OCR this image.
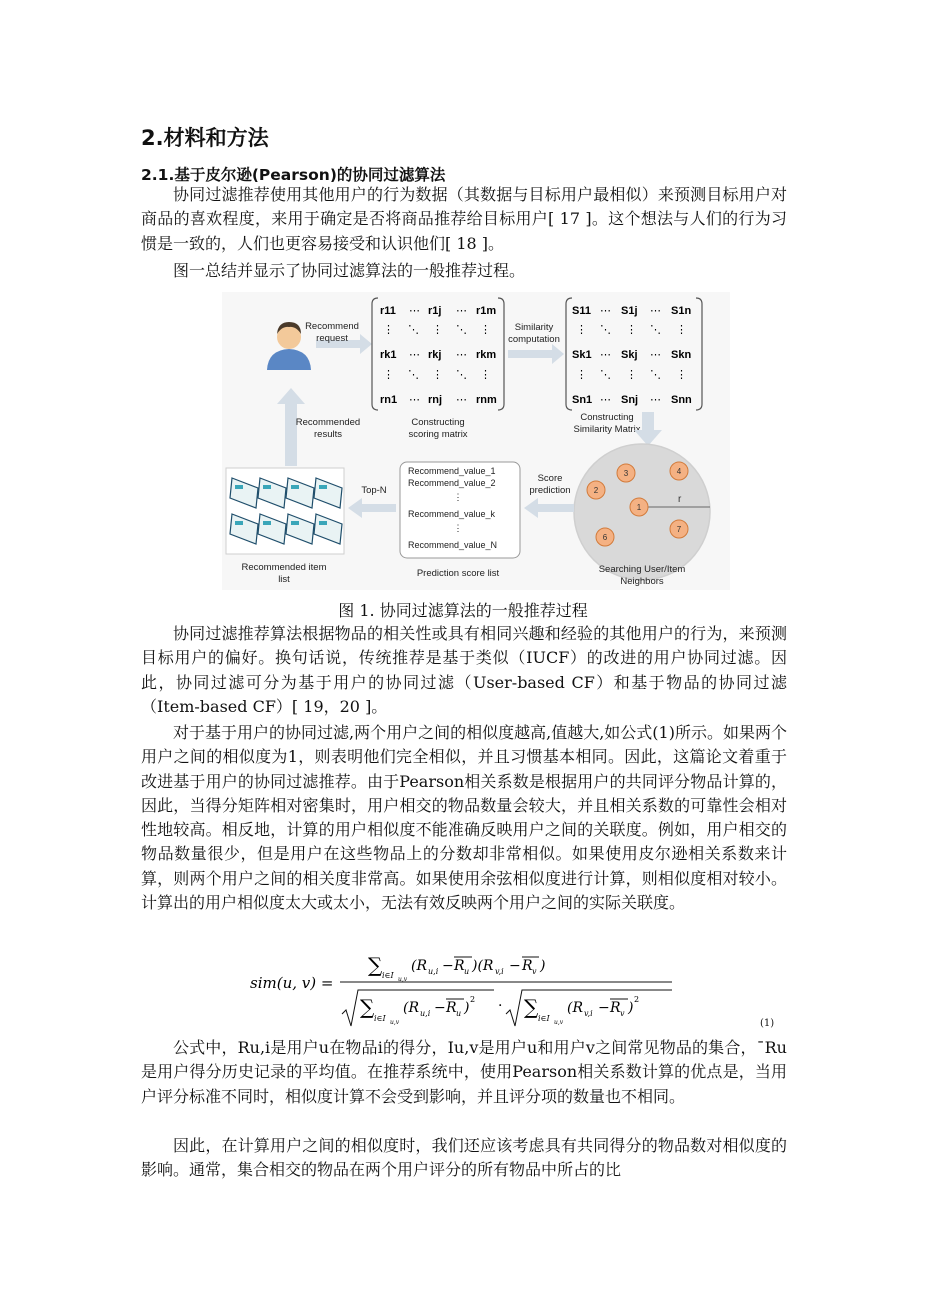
2.材料和方法
2.1.基于皮尔逊(Pearson)的协同过滤算法

协同过滤推荐使用其他用户的行为数据（其数据与目标用户最相似）来预测目标用户对商品的喜欢程度，来用于确定是否将商品推荐给目标用户[ 17 ]。这个想法与人们的行为习惯是一致的，人们也更容易接受和认识他们[ 18 ]。

图一总结并显示了协同过滤算法的一般推荐过程。

Recommend
request
r11 ⋯ r1j ⋯ r1m
⋮ ⋱ ⋮ ⋱ ⋮
rk1 ⋯ rkj ⋯ rkm
⋮ ⋱ ⋮ ⋱ ⋮
rn1 ⋯ rnj ⋯ rnm
Constructing
scoring matrix
Similarity
computation
S11 ⋯ S1j ⋯ S1n
⋮ ⋱ ⋮ ⋱ ⋮
Sk1 ⋯ Skj ⋯ Skn
⋮ ⋱ ⋮ ⋱ ⋮
Sn1 ⋯ Snj ⋯ Snn
Constructing
Similarity Matrix
r
1
2
3	4
6
7
Searching User/Item
Neighbors
Score
prediction
Recommend_value_1
Recommend_value_2
⋮
Recommend_value_k
⋮
Recommend_value_N
Prediction score list
Top-N
Recommended item
list
Recommended
results

图 1. 协同过滤算法的一般推荐过程

协同过滤推荐算法根据物品的相关性或具有相同兴趣和经验的其他用户的行为，来预测目标用户的偏好。换句话说，传统推荐是基于类似（IUCF）的改进的用户协同过滤。因此，协同过滤可分为基于用户的协同过滤（User-based CF）和基于物品的协同过滤（Item-based CF）[ 19，20 ]。

对于基于用户的协同过滤,两个用户之间的相似度越高,值越大,如公式(1)所示。如果两个用户之间的相似度为1，则表明他们完全相似，并且习惯基本相同。因此，这篇论文着重于改进基于用户的协同过滤推荐。由于Pearson相关系数是根据用户的共同评分物品计算的，因此，当得分矩阵相对密集时，用户相交的物品数量会较大，并且相关系数的可靠性会相对性地较高。相反地，计算的用户相似度不能准确反映用户之间的关联度。例如，用户相交的物品数量很少，但是用户在这些物品上的分数却非常相似。如果使用皮尔逊相关系数来计算，则两个用户之间的相关度非常高。如果使用余弦相似度进行计算，则相似度相对较小。计算出的用户相似度太大或太小，无法有效反映两个用户之间的实际关联度。

sim(u, v) =
∑ i∈I u,v
(R u,i − R u )(R v,i − R v )
∑ i∈I u,v
(R u,i − R u )
2 · ∑ i∈I u,v
(R v,i − R v )
2
(1)

公式中，Ru,i是用户u在物品i的得分，Iu,v是用户u和用户v之间常见物品的集合，¯Ru是用户得分历史记录的平均值。在推荐系统中，使用Pearson相关系数计算的优点是，当用户评分标准不同时，相似度计算不会受到影响，并且评分项的数量也不相同。

因此，在计算用户之间的相似度时，我们还应该考虑具有共同得分的物品数对相似度的影响。通常，集合相交的物品在两个用户评分的所有物品中所占的比
